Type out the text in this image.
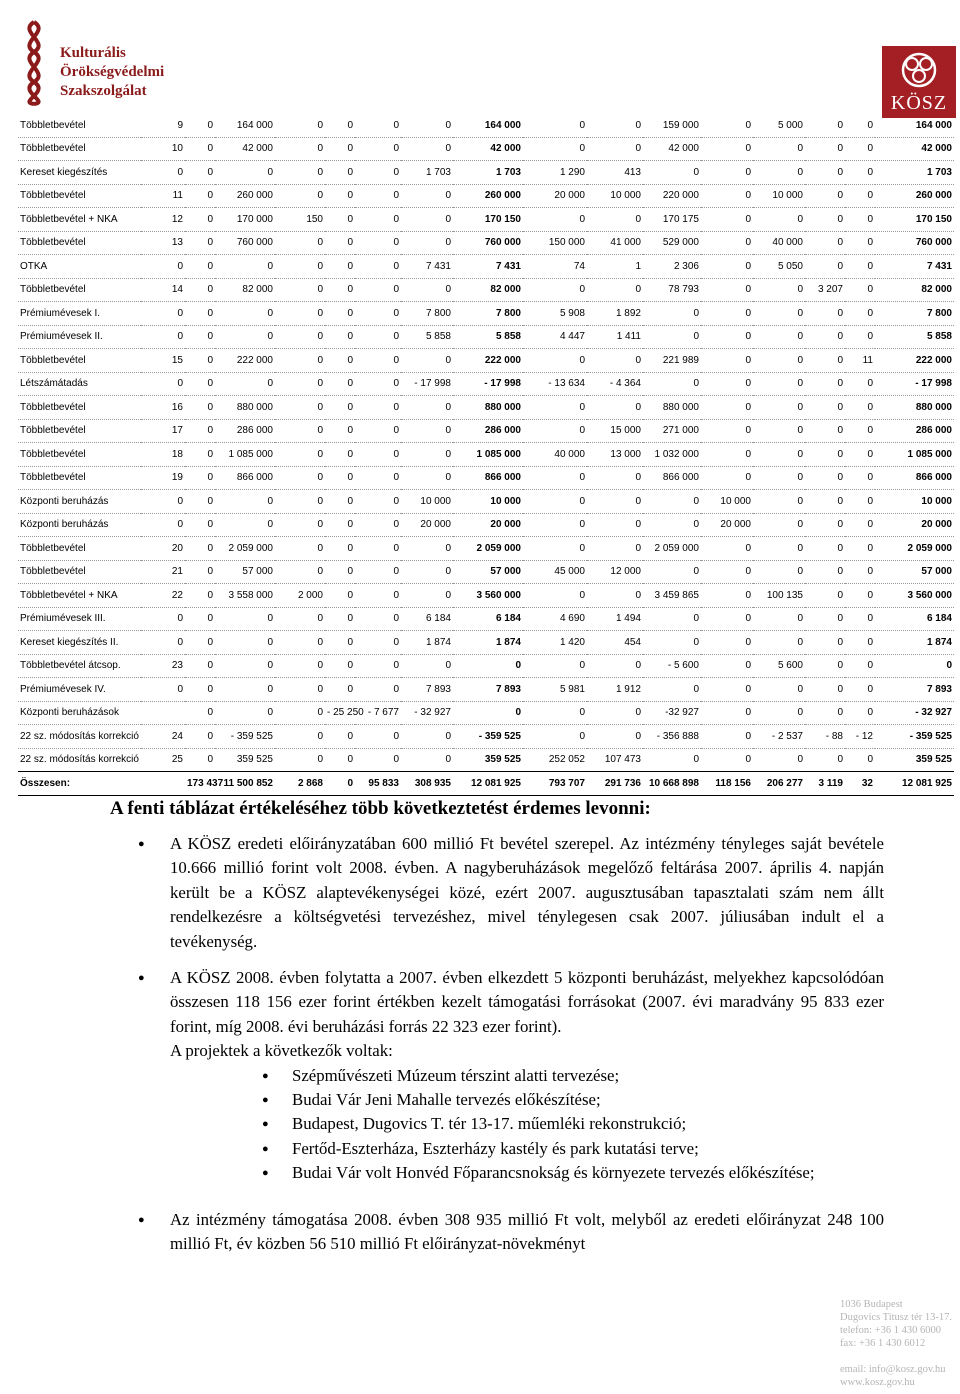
Kulturális
Örökségvédelmi
Szakszolgálat
KÖSZ
Többletbevétel	9	0	164 000	0	0	0	0	164 000	0	0	159 000	0	5 000	0	0	164 000
Többletbevétel	10	0	42 000	0	0	0	0	42 000	0	0	42 000	0	0	0	0	42 000
Kereset kiegészítés	0	0	0	0	0	0	1 703	1 703	1 290	413	0	0	0	0	0	1 703
Többletbevétel	11	0	260 000	0	0	0	0	260 000	20 000	10 000	220 000	0	10 000	0	0	260 000
Többletbevétel + NKA	12	0	170 000	150	0	0	0	170 150	0	0	170 175	0	0	0	0	170 150
Többletbevétel	13	0	760 000	0	0	0	0	760 000	150 000	41 000	529 000	0	40 000	0	0	760 000
OTKA	0	0	0	0	0	0	7 431	7 431	74	1	2 306	0	5 050	0	0	7 431
Többletbevétel	14	0	82 000	0	0	0	0	82 000	0	0	78 793	0	0	3 207	0	82 000
Prémiumévesek I.	0	0	0	0	0	0	7 800	7 800	5 908	1 892	0	0	0	0	0	7 800
Prémiumévesek II.	0	0	0	0	0	0	5 858	5 858	4 447	1 411	0	0	0	0	0	5 858
Többletbevétel	15	0	222 000	0	0	0	0	222 000	0	0	221 989	0	0	0	11	222 000
Létszámátadás	0	0	0	0	0	0	- 17 998	- 17 998	- 13 634	- 4 364	0	0	0	0	0	- 17 998
Többletbevétel	16	0	880 000	0	0	0	0	880 000	0	0	880 000	0	0	0	0	880 000
Többletbevétel	17	0	286 000	0	0	0	0	286 000	0	15 000	271 000	0	0	0	0	286 000
Többletbevétel	18	0	1 085 000	0	0	0	0	1 085 000	40 000	13 000	1 032 000	0	0	0	0	1 085 000
Többletbevétel	19	0	866 000	0	0	0	0	866 000	0	0	866 000	0	0	0	0	866 000
Központi beruházás	0	0	0	0	0	0	10 000	10 000	0	0	0	10 000	0	0	0	10 000
Központi beruházás	0	0	0	0	0	0	20 000	20 000	0	0	0	20 000	0	0	0	20 000
Többletbevétel	20	0	2 059 000	0	0	0	0	2 059 000	0	0	2 059 000	0	0	0	0	2 059 000
Többletbevétel	21	0	57 000	0	0	0	0	57 000	45 000	12 000	0	0	0	0	0	57 000
Többletbevétel + NKA	22	0	3 558 000	2 000	0	0	0	3 560 000	0	0	3 459 865	0	100 135	0	0	3 560 000
Prémiumévesek III.	0	0	0	0	0	0	6 184	6 184	4 690	1 494	0	0	0	0	0	6 184
Kereset kiegészítés II.	0	0	0	0	0	0	1 874	1 874	1 420	454	0	0	0	0	0	1 874
Többletbevétel átcsop.	23	0	0	0	0	0	0	0	0	0	- 5 600	0	5 600	0	0	0
Prémiumévesek IV.	0	0	0	0	0	0	7 893	7 893	5 981	1 912	0	0	0	0	0	7 893
Központi beruházások		0	0	0	- 25 250	- 7 677	- 32 927	0	0	0	-32 927	0	0	0	0	- 32 927
22 sz. módosítás korrekció	24	0	- 359 525	0	0	0	0	- 359 525	0	0	- 356 888	0	- 2 537	- 88	- 12	- 359 525
22 sz. módosítás korrekció	25	0	359 525	0	0	0	0	359 525	252 052	107 473	0	0	0	0	0	359 525
Összesen:		173 437	11 500 852	2 868	0	95 833	308 935	12 081 925	793 707	291 736	10 668 898	118 156	206 277	3 119	32	12 081 925
A fenti táblázat értékeléséhez több következtetést érdemes levonni:
● A KÖSZ eredeti előirányzatában 600 millió Ft bevétel szerepel. Az intézmény tényleges saját bevétele 10.666 millió forint volt 2008. évben. A nagyberuházások megelőző feltárása 2007. április 4. napján került be a KÖSZ alaptevékenységei közé, ezért 2007. augusztusában tapasztalati szám nem állt rendelkezésre a költségvetési tervezéshez, mivel ténylegesen csak 2007. júliusában indult el a tevékenység.
● A KÖSZ 2008. évben folytatta a 2007. évben elkezdett 5 központi beruházást, melyekhez kapcsolódóan összesen 118 156 ezer forint értékben kezelt támogatási forrásokat (2007. évi maradvány 95 833 ezer forint, míg 2008. évi beruházási forrás 22 323 ezer forint).
A projektek a következők voltak:
● Szépművészeti Múzeum térszint alatti tervezése;
● Budai Vár Jeni Mahalle tervezés előkészítése;
● Budapest, Dugovics T. tér 13-17. műemléki rekonstrukció;
● Fertőd-Eszterháza, Eszterházy kastély és park kutatási terve;
● Budai Vár volt Honvéd Főparancsnokság és környezete tervezés előkészítése;
● Az intézmény támogatása 2008. évben 308 935 millió Ft volt, melyből az eredeti előirányzat 248 100 millió Ft, év közben 56 510 millió Ft előirányzat-növekményt
1036 Budapest
Dugovics Titusz tér 13-17.
telefon: +36 1 430 6000
fax: +36 1 430 6012
email: info@kosz.gov.hu
www.kosz.gov.hu
